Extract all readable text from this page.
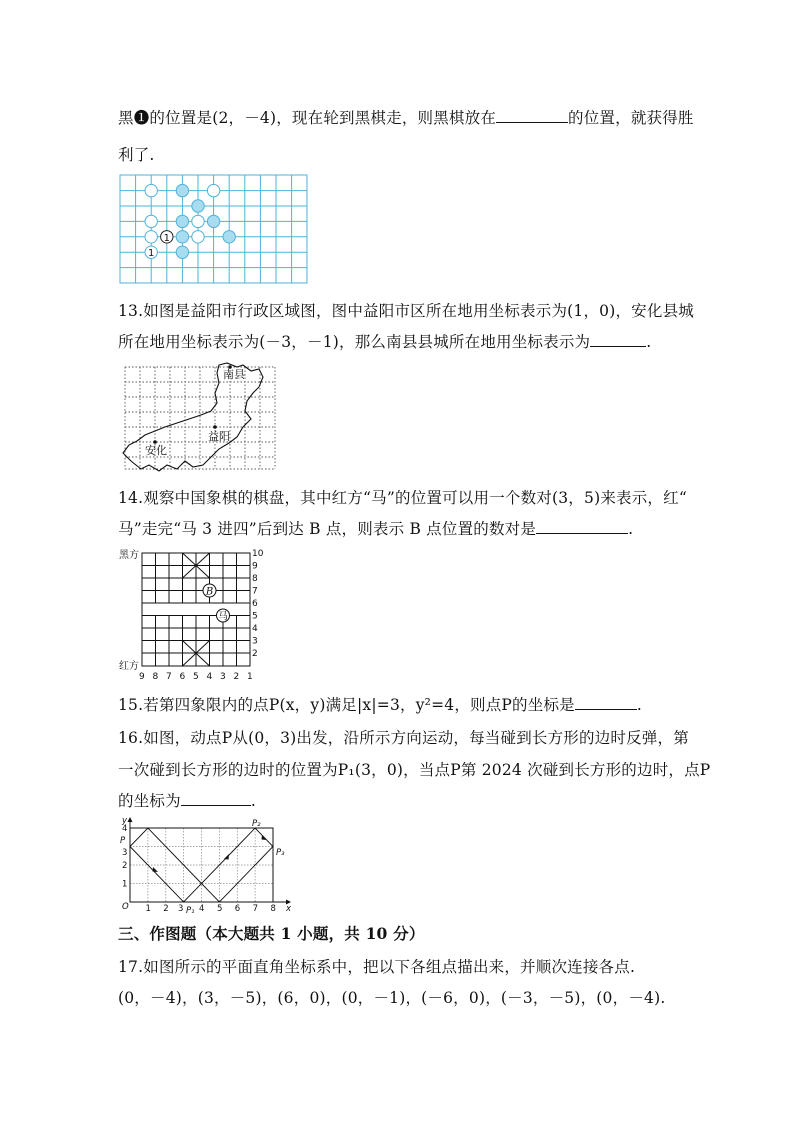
黑❶的位置是(2，－4)，现在轮到黑棋走，则黑棋放在	的位置，就获得胜
利了.
1
1
13.如图是益阳市行政区域图，图中益阳市区所在地用坐标表示为(1，0)，安化县城
所在地用坐标表示为(－3，－1)，那么南县县城所在地用坐标表示为	.
南县
益阳
安化
14.观察中国象棋的棋盘，其中红方“马”的位置可以用一个数对(3，5)来表示，红“
马”走完“马 3 进四”后到达 B 点，则表示 B 点位置的数对是	.
B
马
黑方
红方
10
9
8
7
6
5
4
3
2
9 8 7 6 5 4 3 2 1
15.若第四象限内的点P(x，y)满足|x|=3，y²=4，则点P的坐标是	.
16.如图，动点P从(0，3)出发，沿所示方向运动，每当碰到长方形的边时反弹，第
一次碰到长方形的边时的位置为P₁(3，0)，当点P第 2024 次碰到长方形的边时，点P
的坐标为	.
O	x
y
P
P₁
P₂
P₃
1 2 3 4 5 6 7 8
1
2
3
4
三、作图题（本大题共 1 小题，共 10 分）
17.如图所示的平面直角坐标系中，把以下各组点描出来，并顺次连接各点.
(0，－4)，(3，－5)，(6，0)，(0，－1)，(－6，0)，(－3，－5)，(0，－4).
